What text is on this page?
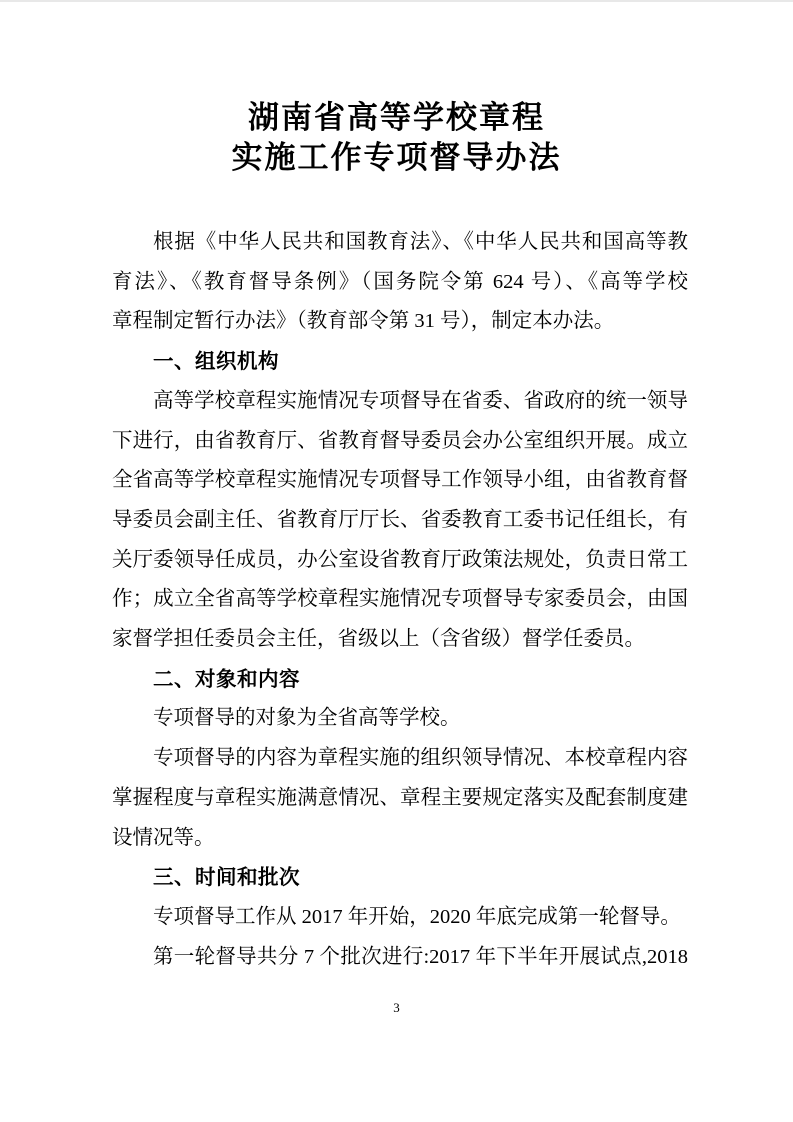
湖南省高等学校章程
实施工作专项督导办法

根据《中华人民共和国教育法》、《中华人民共和国高等教
育法》、《教育督导条例》（国务院令第 624 号）、《高等学校
章程制定暂行办法》（教育部令第 31 号），制定本办法。

一、组织机构

高等学校章程实施情况专项督导在省委、省政府的统一领导
下进行，由省教育厅、省教育督导委员会办公室组织开展。成立
全省高等学校章程实施情况专项督导工作领导小组，由省教育督
导委员会副主任、省教育厅厅长、省委教育工委书记任组长，有
关厅委领导任成员，办公室设省教育厅政策法规处，负责日常工
作；成立全省高等学校章程实施情况专项督导专家委员会，由国
家督学担任委员会主任，省级以上（含省级）督学任委员。

二、对象和内容

专项督导的对象为全省高等学校。

专项督导的内容为章程实施的组织领导情况、本校章程内容
掌握程度与章程实施满意情况、章程主要规定落实及配套制度建
设情况等。

三、时间和批次

专项督导工作从 2017 年开始，2020 年底完成第一轮督导。

第一轮督导共分 7 个批次进行:2017 年下半年开展试点,2018

3
